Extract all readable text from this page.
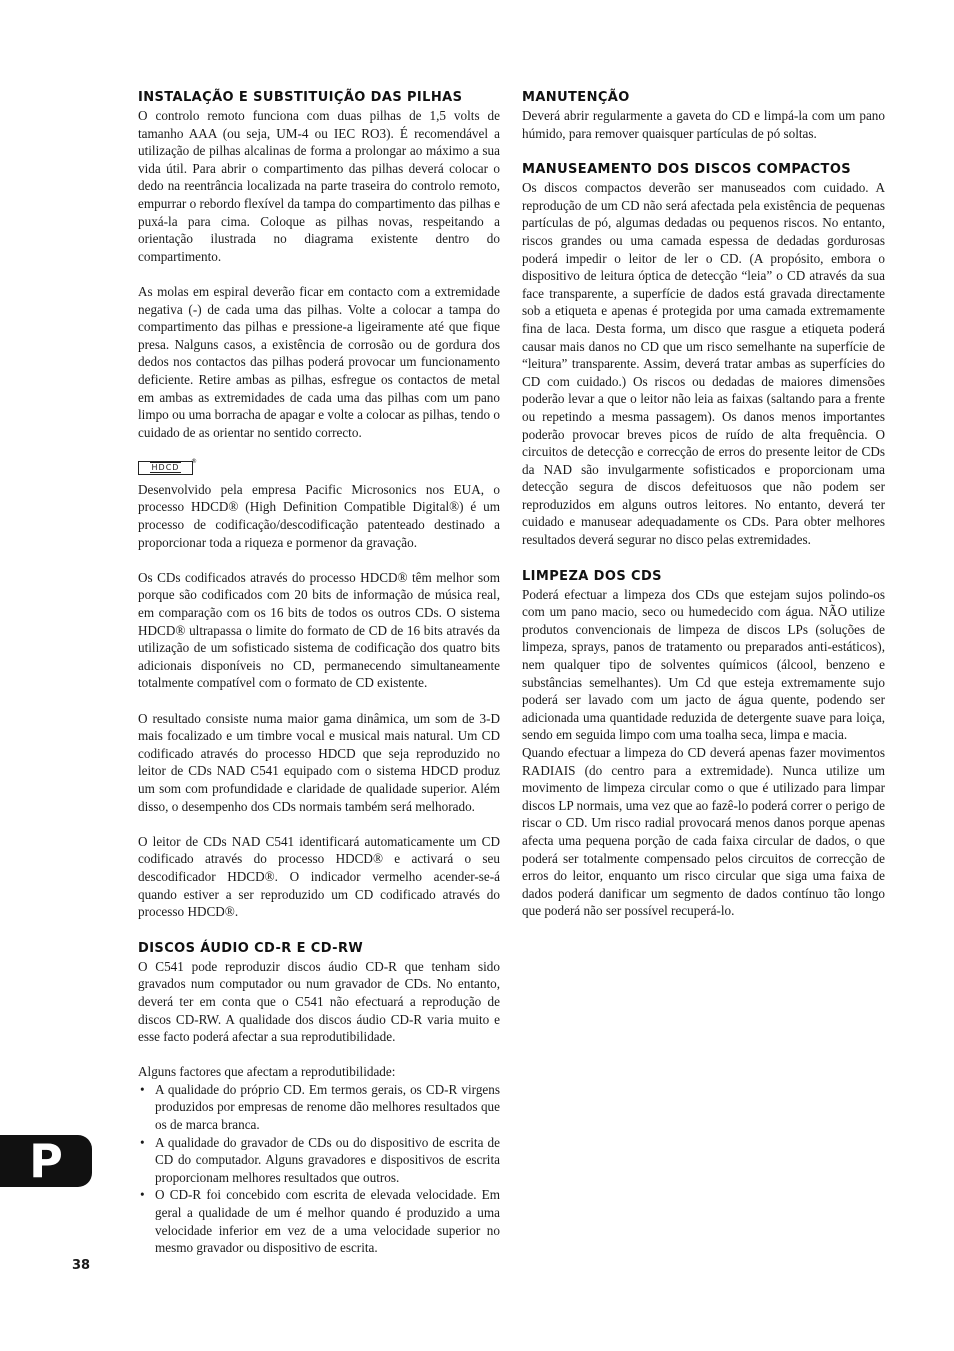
INSTALAÇÃO E SUBSTITUIÇÃO DAS PILHAS

O controlo remoto funciona com duas pilhas de 1,5 volts de tamanho AAA (ou seja, UM-4 ou IEC RO3). É recomendável a utilização de pilhas alcalinas de forma a prolongar ao máximo a sua vida útil. Para abrir o compartimento das pilhas deverá colocar o dedo na reentrância localizada na parte traseira do controlo remoto, empurrar o rebordo flexível da tampa do compartimento das pilhas e puxá-la para cima. Coloque as pilhas novas, respeitando a orientação ilustrada no diagrama existente dentro do compartimento.

As molas em espiral deverão ficar em contacto com a extremidade negativa (-) de cada uma das pilhas. Volte a colocar a tampa do compartimento das pilhas e pressione-a ligeiramente até que fique presa. Nalguns casos, a existência de corrosão ou de gordura dos dedos nos contactos das pilhas poderá provocar um funcionamento deficiente. Retire ambas as pilhas, esfregue os contactos de metal em ambas as extremidades de cada uma das pilhas com um pano limpo ou uma borracha de apagar e volte a colocar as pilhas, tendo o cuidado de as orientar no sentido correcto.

HDCD
®

Desenvolvido pela empresa Pacific Microsonics nos EUA, o processo HDCD® (High Definition Compatible Digital®) é um processo de codificação/descodificação patenteado destinado a proporcionar toda a riqueza e pormenor da gravação.

Os CDs codificados através do processo HDCD® têm melhor som porque são codificados com 20 bits de informação de música real, em comparação com os 16 bits de todos os outros CDs. O sistema HDCD® ultrapassa o limite do formato de CD de 16 bits através da utilização de um sofisticado sistema de codificação dos quatro bits adicionais disponíveis no CD, permanecendo simultaneamente totalmente compatível com o formato de CD existente.

O resultado consiste numa maior gama dinâmica, um som de 3-D mais focalizado e um timbre vocal e musical mais natural. Um CD codificado através do processo HDCD que seja reproduzido no leitor de CDs NAD C541 equipado com o sistema HDCD produz um som com profundidade e claridade de qualidade superior. Além disso, o desempenho dos CDs normais também será melhorado.

O leitor de CDs NAD C541 identificará automaticamente um CD codificado através do processo HDCD® e activará o seu descodificador HDCD®. O indicador vermelho acender-se-á quando estiver a ser reproduzido um CD codificado através do processo HDCD®.

DISCOS ÁUDIO CD-R E CD-RW

O C541 pode reproduzir discos áudio CD-R que tenham sido gravados num computador ou num gravador de CDs. No entanto, deverá ter em conta que o C541 não efectuará a reprodução de discos CD-RW. A qualidade dos discos áudio CD-R varia muito e esse facto poderá afectar a sua reprodutibilidade.

Alguns factores que afectam a reprodutibilidade:

• A qualidade do próprio CD. Em termos gerais, os CD-R virgens produzidos por empresas de renome dão melhores resultados que os de marca branca.
• A qualidade do gravador de CDs ou do dispositivo de escrita de CD do computador. Alguns gravadores e dispositivos de escrita proporcionam melhores resultados que outros.
• O CD-R foi concebido com escrita de elevada velocidade. Em geral a qualidade de um é melhor quando é produzido a uma velocidade inferior em vez de a uma velocidade superior no mesmo gravador ou dispositivo de escrita.
MANUTENÇÃO

Deverá abrir regularmente a gaveta do CD e limpá-la com um pano húmido, para remover quaisquer partículas de pó soltas.

MANUSEAMENTO DOS DISCOS COMPACTOS

Os discos compactos deverão ser manuseados com cuidado. A reprodução de um CD não será afectada pela existência de pequenas partículas de pó, algumas dedadas ou pequenos riscos. No entanto, riscos grandes ou uma camada espessa de dedadas gordurosas poderá impedir o leitor de ler o CD. (A propósito, embora o dispositivo de leitura óptica de detecção “leia” o CD através da sua face transparente, a superfície de dados está gravada directamente sob a etiqueta e apenas é protegida por uma camada extremamente fina de laca. Desta forma, um disco que rasgue a etiqueta poderá causar mais danos no CD que um risco semelhante na superfície de “leitura” transparente. Assim, deverá tratar ambas as superfícies do CD com cuidado.) Os riscos ou dedadas de maiores dimensões poderão levar a que o leitor não leia as faixas (saltando para a frente ou repetindo a mesma passagem). Os danos menos importantes poderão provocar breves picos de ruído de alta frequência. O circuitos de detecção e correcção de erros do presente leitor de CDs da NAD são invulgarmente sofisticados e proporcionam uma detecção segura de discos defeituosos que não podem ser reproduzidos em alguns outros leitores. No entanto, deverá ter cuidado e manusear adequadamente os CDs. Para obter melhores resultados deverá segurar no disco pelas extremidades.

LIMPEZA DOS CDS

Poderá efectuar a limpeza dos CDs que estejam sujos polindo-os com um pano macio, seco ou humedecido com água. NÃO utilize produtos convencionais de limpeza de discos LPs (soluções de limpeza, sprays, panos de tratamento ou preparados anti-estáticos), nem qualquer tipo de solventes químicos (álcool, benzeno e substâncias semelhantes). Um Cd que esteja extremamente sujo poderá ser lavado com um jacto de água quente, podendo ser adicionada uma quantidade reduzida de detergente suave para loiça, sendo em seguida limpo com uma toalha seca, limpa e macia.

Quando efectuar a limpeza do CD deverá apenas fazer movimentos RADIAIS (do centro para a extremidade). Nunca utilize um movimento de limpeza circular como o que é utilizado para limpar discos LP normais, uma vez que ao fazê-lo poderá correr o perigo de riscar o CD. Um risco radial provocará menos danos porque apenas afecta uma pequena porção de cada faixa circular de dados, o que poderá ser totalmente compensado pelos circuitos de correcção de erros do leitor, enquanto um risco circular que siga uma faixa de dados poderá danificar um segmento de dados contínuo tão longo que poderá não ser possível recuperá-lo.

P
38
